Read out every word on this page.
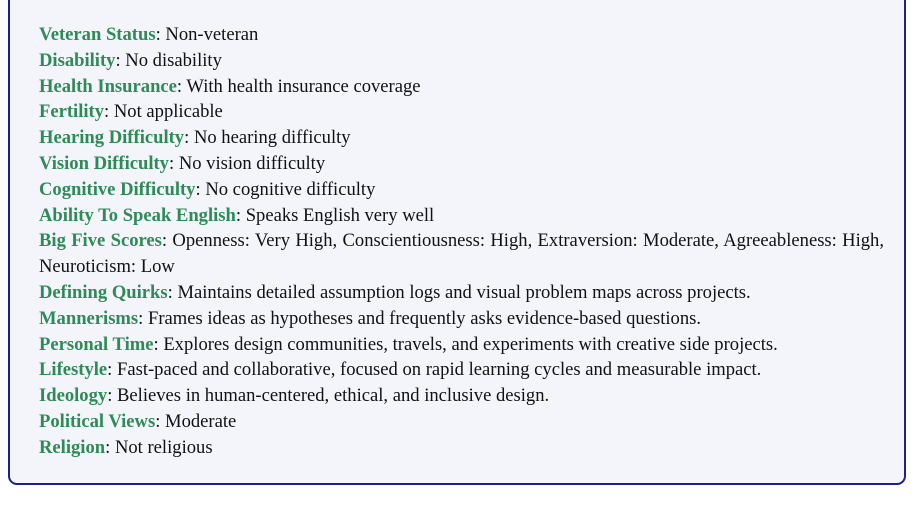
Veteran Status: Non-veteran
Disability: No disability
Health Insurance: With health insurance coverage
Fertility: Not applicable
Hearing Difficulty: No hearing difficulty
Vision Difficulty: No vision difficulty
Cognitive Difficulty: No cognitive difficulty
Ability To Speak English: Speaks English very well
Big Five Scores: Openness: Very High, Conscientiousness: High, Extraversion: Moderate, Agreeableness: High, Neuroticism: Low
Defining Quirks: Maintains detailed assumption logs and visual problem maps across projects.
Mannerisms: Frames ideas as hypotheses and frequently asks evidence-based questions.
Personal Time: Explores design communities, travels, and experiments with creative side projects.
Lifestyle: Fast-paced and collaborative, focused on rapid learning cycles and measurable impact.
Ideology: Believes in human-centered, ethical, and inclusive design.
Political Views: Moderate
Religion: Not religious
